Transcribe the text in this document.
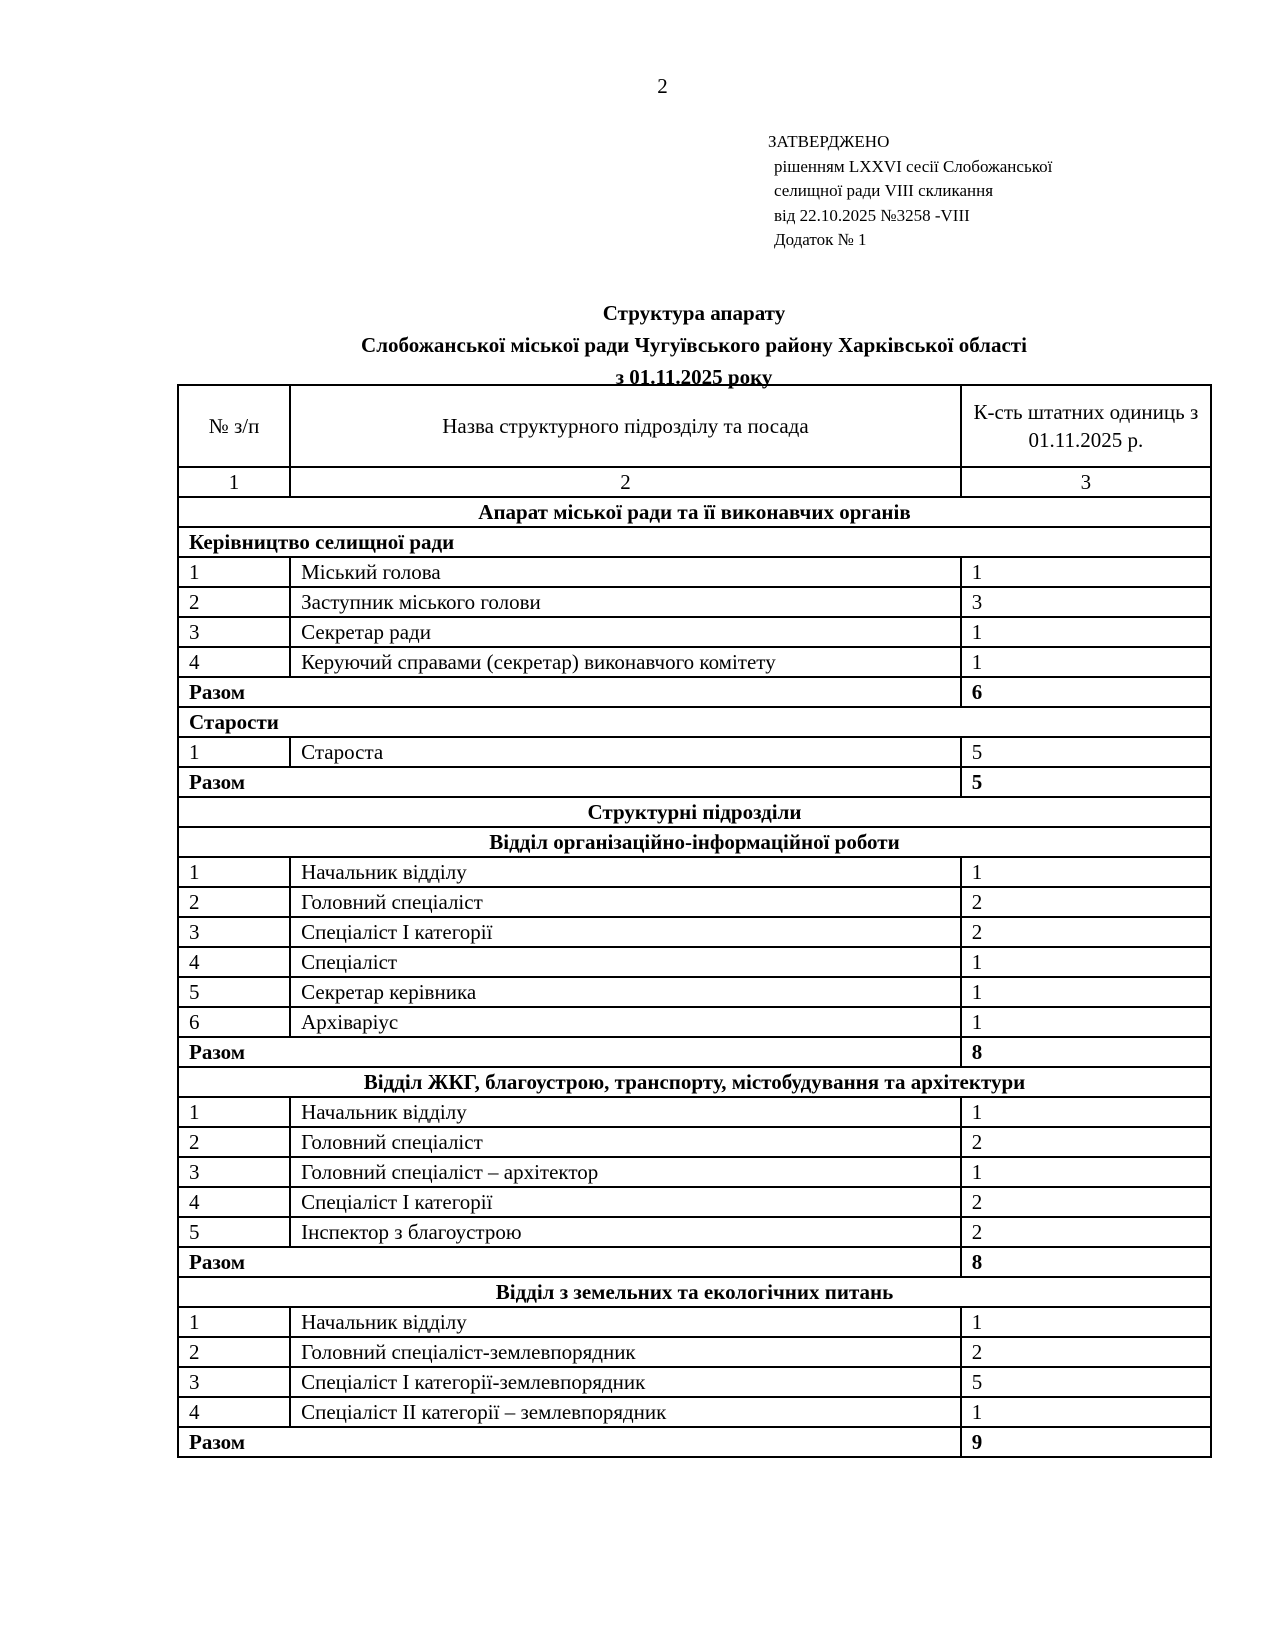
2
ЗАТВЕРДЖЕНО
рішенням LXXVI сесії Слобожанської
селищної ради VIII скликання
від 22.10.2025 №3258 -VIII
Додаток № 1
Структура апарату
Слобожанської міської ради Чугуївського району Харківської області
з 01.11.2025 року
№ з/п	Назва структурного підрозділу та посада	К-сть штатних одиниць з 01.11.2025 р.
1	2	3
Апарат міської ради та її виконавчих органів		
Керівництво селищної ради		
1	Міський голова	1
2	Заступник міського голови	3
3	Секретар ради	1
4	Керуючий справами (секретар) виконавчого комітету	1
Разом		6
Старости		
1	Староста	5
Разом		5
Структурні підрозділи		
Відділ організаційно-інформаційної роботи		
1	Начальник відділу	1
2	Головний спеціаліст	2
3	Спеціаліст І категорії	2
4	Спеціаліст	1
5	Секретар керівника	1
6	Архіваріус	1
Разом		8
Відділ ЖКГ, благоустрою, транспорту, містобудування та архітектури		
1	Начальник відділу	1
2	Головний спеціаліст	2
3	Головний спеціаліст – архітектор	1
4	Спеціаліст І категорії	2
5	Інспектор з благоустрою	2
Разом		8
Відділ з земельних та екологічних питань		
1	Начальник відділу	1
2	Головний спеціаліст-землевпорядник	2
3	Спеціаліст І категорії-землевпорядник	5
4	Спеціаліст ІІ категорії – землевпорядник	1
Разом		9
